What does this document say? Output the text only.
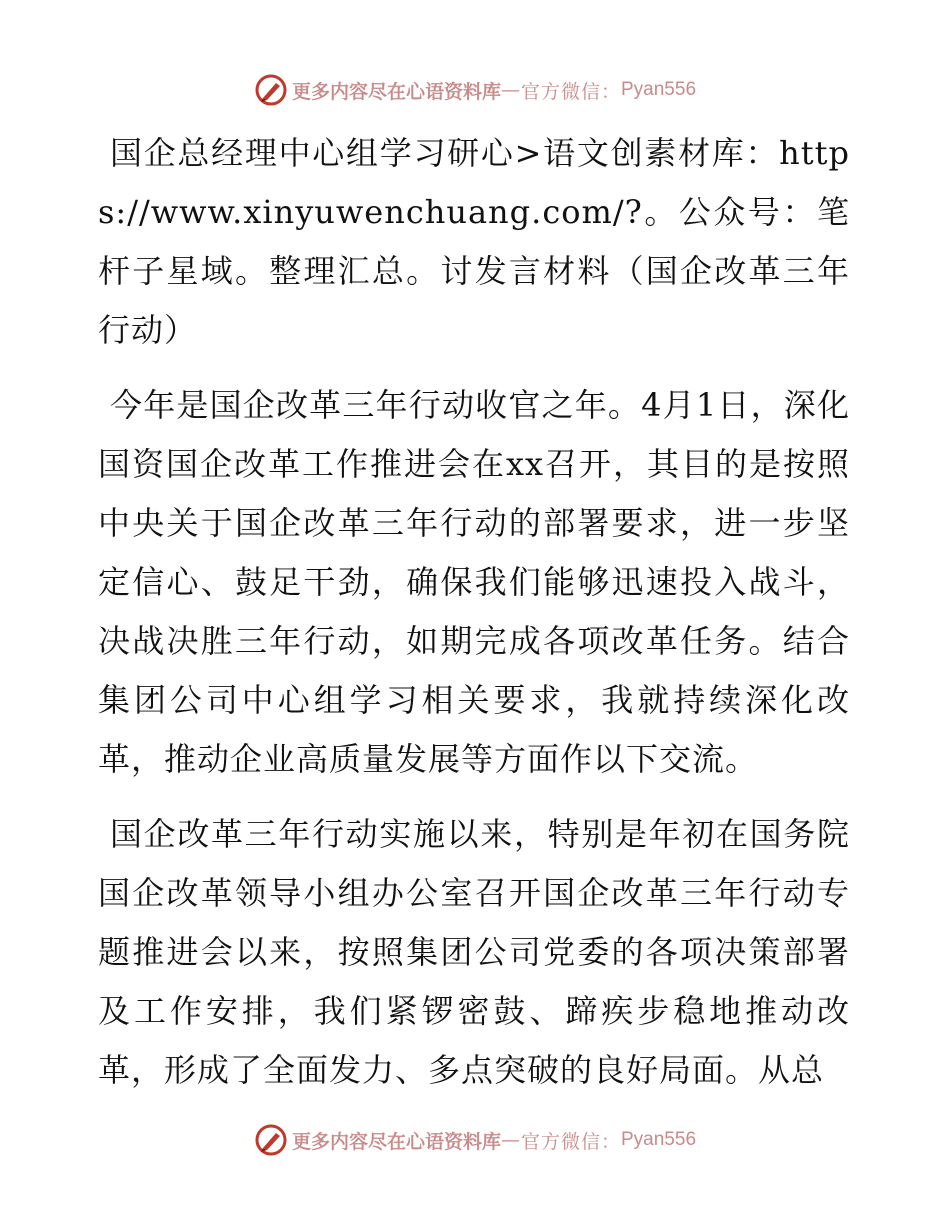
更多内容尽在心语资料库 — 官方微信： Pyan556

国企总经理中心组学习研心>语文创素材库：https://www.xinyuwenchuang.com/?。公众号：笔杆子星域。整理汇总。讨发言材料（国企改革三年行动）

今年是国企改革三年行动收官之年。4月1日，深化国资国企改革工作推进会在xx召开，其目的是按照中央关于国企改革三年行动的部署要求，进一步坚定信心、鼓足干劲，确保我们能够迅速投入战斗，决战决胜三年行动，如期完成各项改革任务。结合集团公司中心组学习相关要求，我就持续深化改革，推动企业高质量发展等方面作以下交流。

国企改革三年行动实施以来，特别是年初在国务院国企改革领导小组办公室召开国企改革三年行动专题推进会以来，按照集团公司党委的各项决策部署及工作安排，我们紧锣密鼓、蹄疾步稳地推动改革，形成了全面发力、多点突破的良好局面。从总

更多内容尽在心语资料库 — 官方微信： Pyan556
